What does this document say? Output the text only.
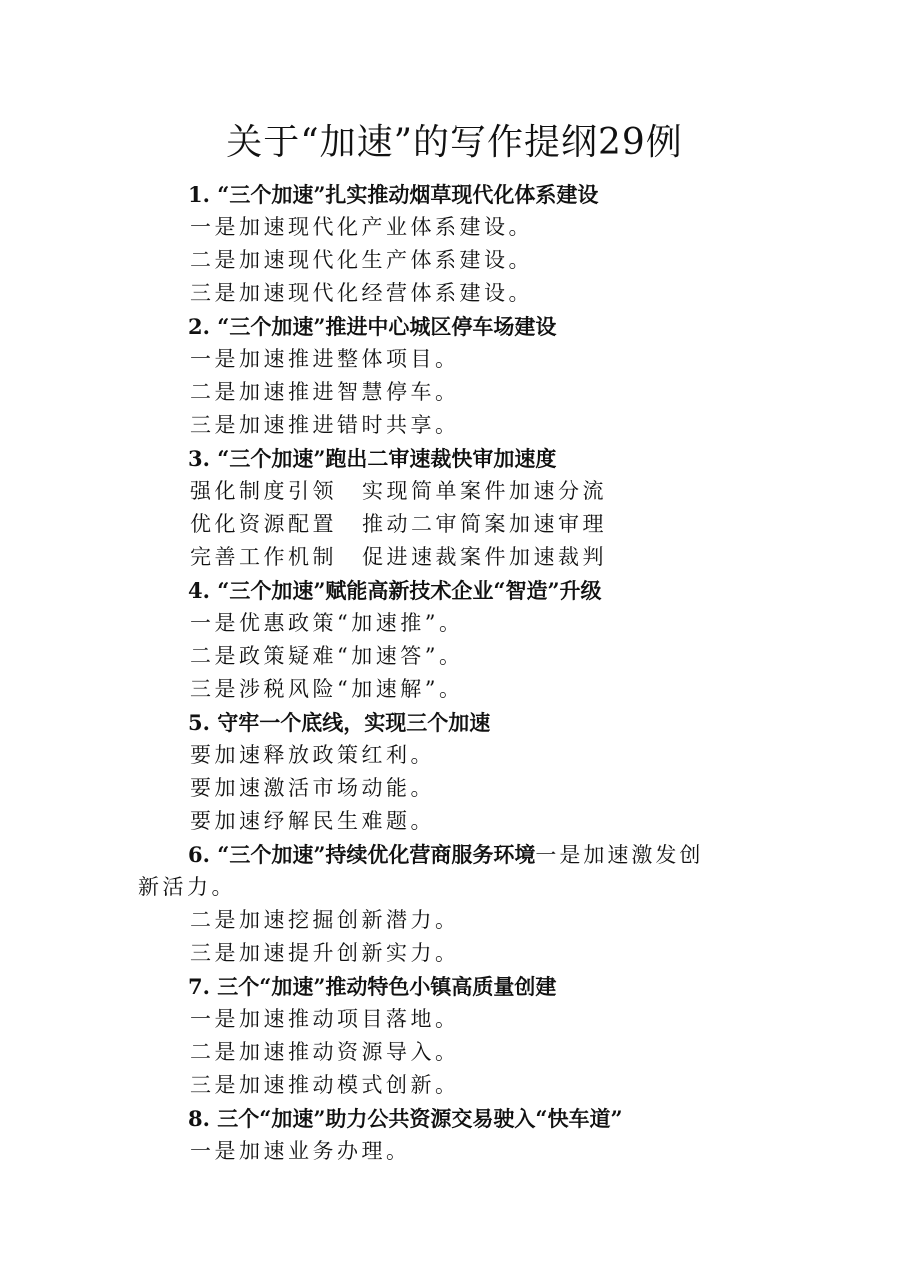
关于“加速”的写作提纲29例
1. “三个加速”扎实推动烟草现代化体系建设
一是加速现代化产业体系建设。
二是加速现代化生产体系建设。
三是加速现代化经营体系建设。
2. “三个加速”推进中心城区停车场建设
一是加速推进整体项目。
二是加速推进智慧停车。
三是加速推进错时共享。
3. “三个加速”跑出二审速裁快审加速度
强化制度引领 实现简单案件加速分流
优化资源配置 推动二审简案加速审理
完善工作机制 促进速裁案件加速裁判
4. “三个加速”赋能高新技术企业“智造”升级
一是优惠政策“加速推”。
二是政策疑难“加速答”。
三是涉税风险“加速解”。
5. 守牢一个底线，实现三个加速
要加速释放政策红利。
要加速激活市场动能。
要加速纾解民生难题。
6. “三个加速”持续优化营商服务环境一是加速激发创
新活力。
二是加速挖掘创新潜力。
三是加速提升创新实力。
7. 三个“加速”推动特色小镇高质量创建
一是加速推动项目落地。
二是加速推动资源导入。
三是加速推动模式创新。
8. 三个“加速”助力公共资源交易驶入“快车道”
一是加速业务办理。
